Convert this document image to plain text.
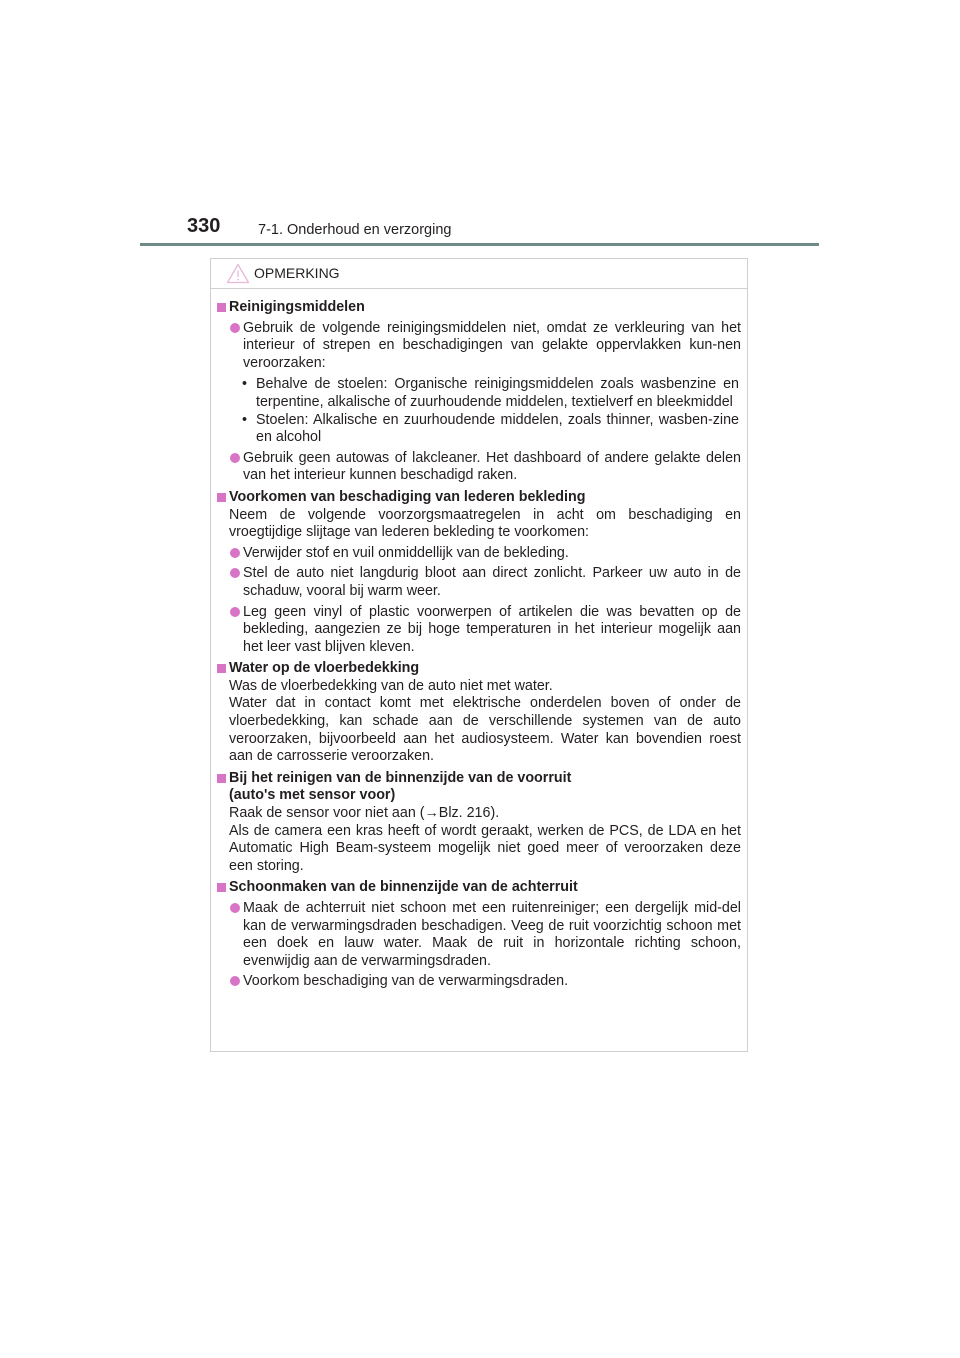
330	7-1. Onderhoud en verzorging
OPMERKING
Reinigingsmiddelen
Gebruik de volgende reinigingsmiddelen niet, omdat ze verkleuring van het interieur of strepen en beschadigingen van gelakte oppervlakken kun-nen veroorzaken:
• Behalve de stoelen: Organische reinigingsmiddelen zoals wasbenzine en terpentine, alkalische of zuurhoudende middelen, textielverf en bleekmiddel
• Stoelen: Alkalische en zuurhoudende middelen, zoals thinner, wasben-zine en alcohol
Gebruik geen autowas of lakcleaner. Het dashboard of andere gelakte delen van het interieur kunnen beschadigd raken.
Voorkomen van beschadiging van lederen bekleding
Neem de volgende voorzorgsmaatregelen in acht om beschadiging en vroegtijdige slijtage van lederen bekleding te voorkomen:
Verwijder stof en vuil onmiddellijk van de bekleding.
Stel de auto niet langdurig bloot aan direct zonlicht. Parkeer uw auto in de schaduw, vooral bij warm weer.
Leg geen vinyl of plastic voorwerpen of artikelen die was bevatten op de bekleding, aangezien ze bij hoge temperaturen in het interieur mogelijk aan het leer vast blijven kleven.
Water op de vloerbedekking
Was de vloerbedekking van de auto niet met water.
Water dat in contact komt met elektrische onderdelen boven of onder de vloerbedekking, kan schade aan de verschillende systemen van de auto veroorzaken, bijvoorbeeld aan het audiosysteem. Water kan bovendien roest aan de carrosserie veroorzaken.
Bij het reinigen van de binnenzijde van de voorruit
(auto's met sensor voor)
Raak de sensor voor niet aan (→Blz. 216).
Als de camera een kras heeft of wordt geraakt, werken de PCS, de LDA en het Automatic High Beam-systeem mogelijk niet goed meer of veroorzaken deze een storing.
Schoonmaken van de binnenzijde van de achterruit
Maak de achterruit niet schoon met een ruitenreiniger; een dergelijk mid-del kan de verwarmingsdraden beschadigen. Veeg de ruit voorzichtig schoon met een doek en lauw water. Maak de ruit in horizontale richting schoon, evenwijdig aan de verwarmingsdraden.
Voorkom beschadiging van de verwarmingsdraden.
